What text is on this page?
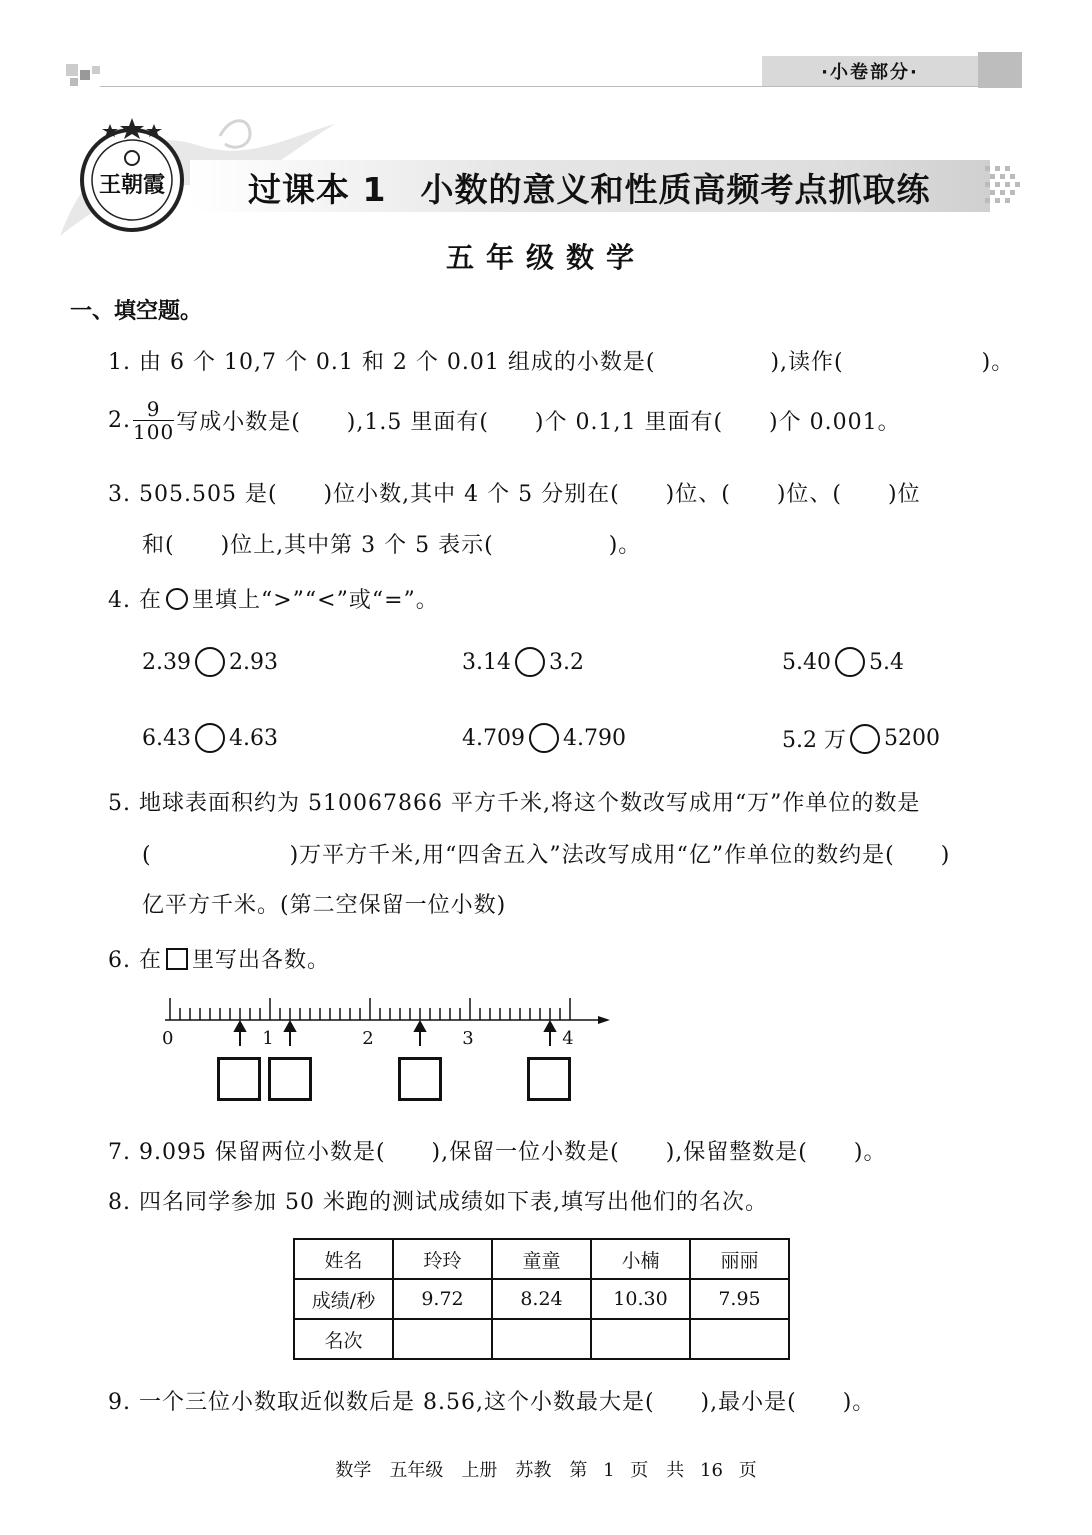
·小卷部分·
王朝霞	过课本 1　小数的意义和性质高频考点抓取练
五年级数学
一、填空题。
1. 由 6 个 10,7 个 0.1 和 2 个 0.01 组成的小数是(　　　　　),读作(　　　　　　)。
2. $\frac{9}{100}$ 写成小数是(　　),1.5 里面有(　　)个 0.1,1 里面有(　　)个 0.001。
3. 505.505 是(　　)位小数,其中 4 个 5 分别在(　　)位、(　　)位、(　　)位
和(　　)位上,其中第 3 个 5 表示(　　　　　)。
4. 在 里填上“>”“<”或“=”。
2.39 2.93	3.14 3.2	5.40 5.4
6.43 4.63	4.709 4.790	5.2 万 5200
5. 地球表面积约为 510067866 平方千米,将这个数改写成用“万”作单位的数是
(　　　　　　)万平方千米,用“四舍五入”法改写成用“亿”作单位的数约是(　　)
亿平方千米。(第二空保留一位小数)
6. 在 里写出各数。
0	1	2	3	4
7. 9.095 保留两位小数是(　　),保留一位小数是(　　),保留整数是(　　)。
8. 四名同学参加 50 米跑的测试成绩如下表,填写出他们的名次。
姓名	玲玲	童童	小楠	丽丽
成绩/秒	9.72	8.24	10.30	7.95
名次				
9. 一个三位小数取近似数后是 8.56,这个小数最大是(　　),最小是(　　)。
数学　五年级　上册　苏教　第 1 页　共 16 页
